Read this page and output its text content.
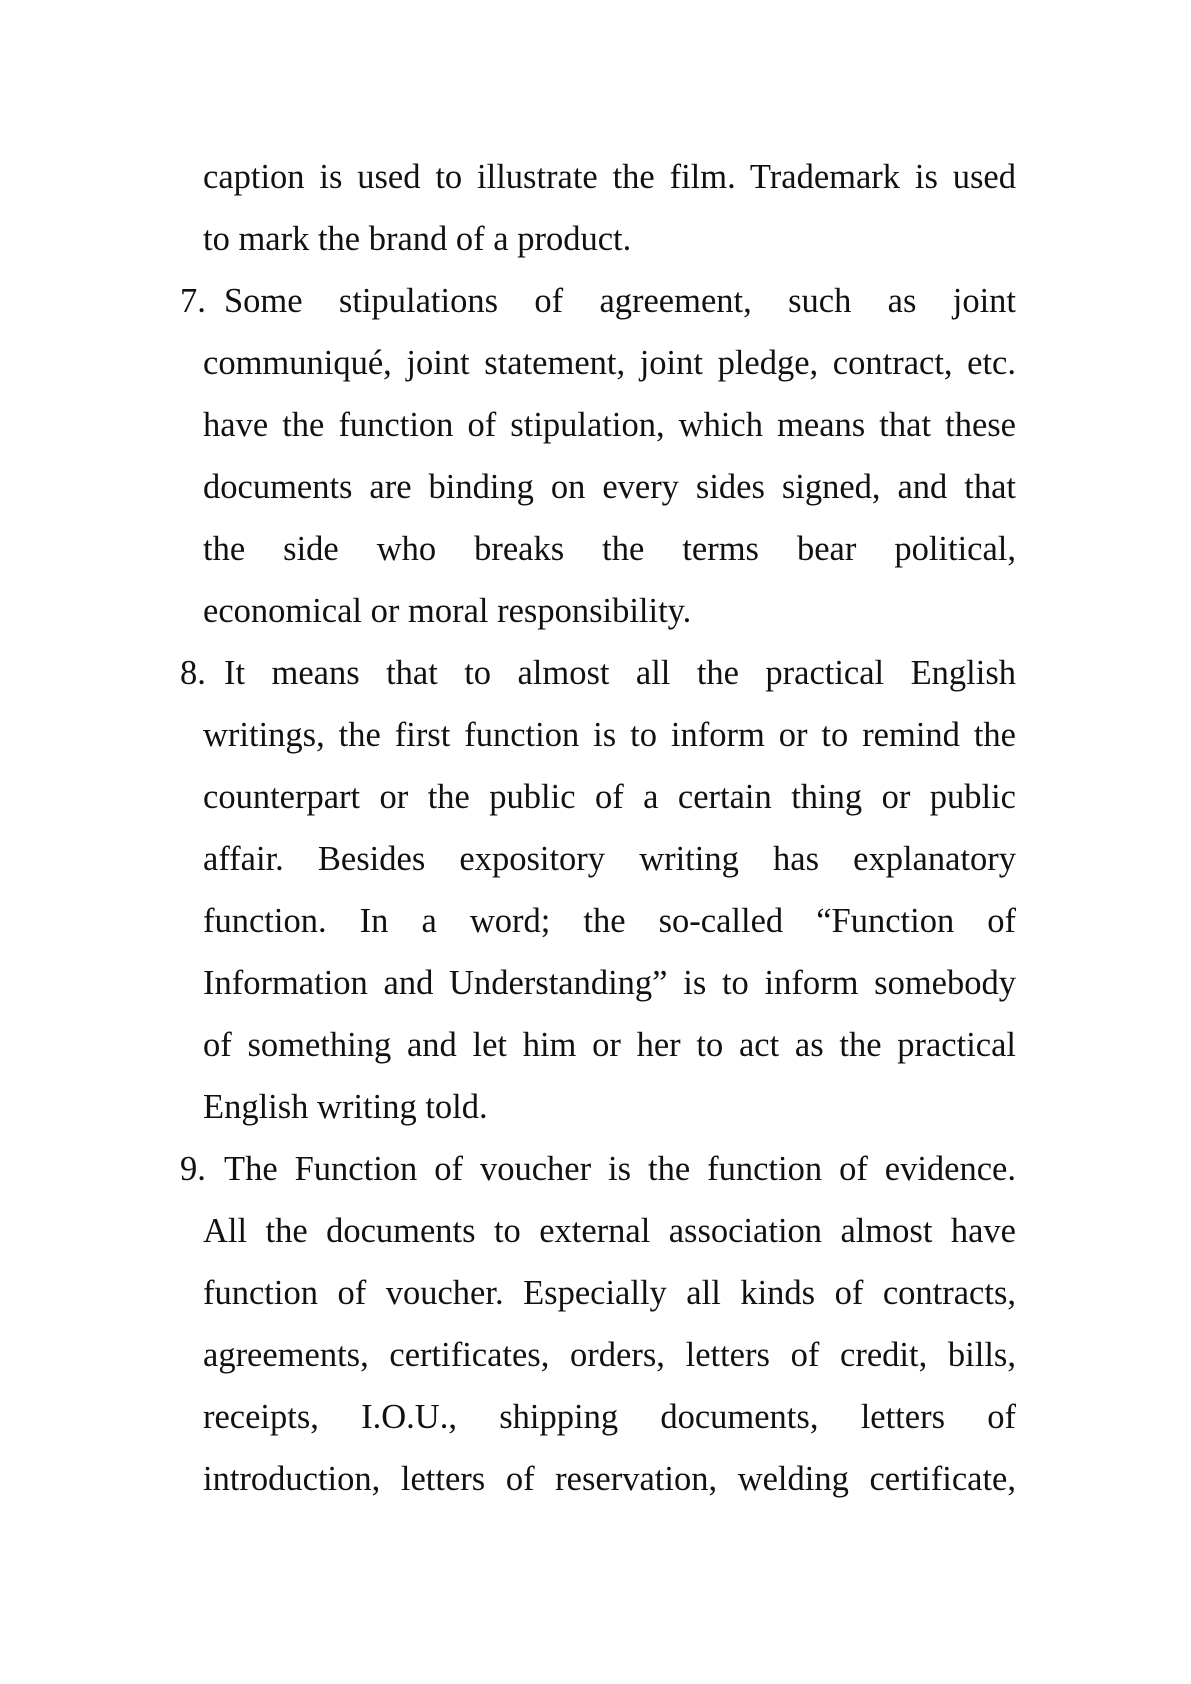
caption is used to illustrate the film. Trademark is used
to mark the brand of a product.
7. Some stipulations of agreement, such as joint
communiqué, joint statement, joint pledge, contract, etc.
have the function of stipulation, which means that these
documents are binding on every sides signed, and that
the side who breaks the terms bear political,
economical or moral responsibility.
8. It means that to almost all the practical English
writings, the first function is to inform or to remind the
counterpart or the public of a certain thing or public
affair. Besides expository writing has explanatory
function. In a word; the so-called “Function of
Information and Understanding” is to inform somebody
of something and let him or her to act as the practical
English writing told.
9. The Function of voucher is the function of evidence.
All the documents to external association almost have
function of voucher. Especially all kinds of contracts,
agreements, certificates, orders, letters of credit, bills,
receipts, I.O.U., shipping documents, letters of
introduction, letters of reservation, welding certificate,
